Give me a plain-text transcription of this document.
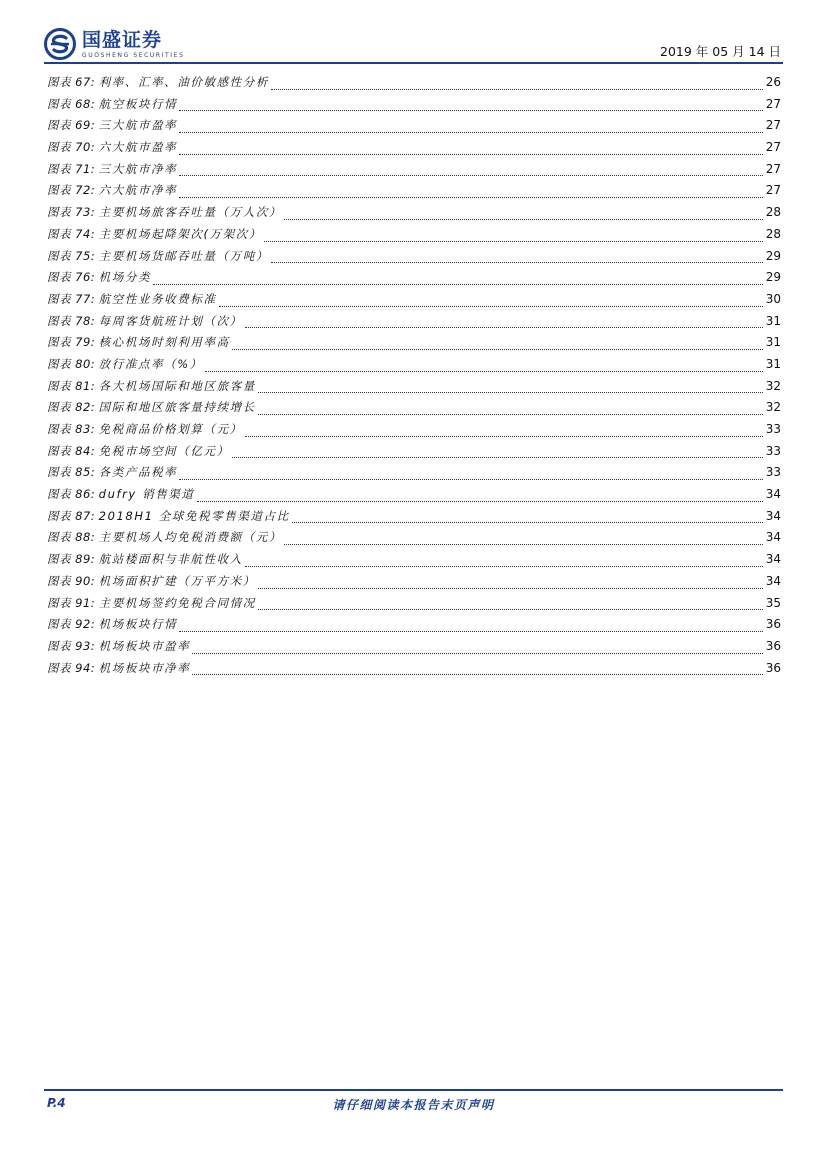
国盛证券
GUOSHENG SECURITIES	2019 年 05 月 14 日
图表 67 : 利率、汇率、油价敏感性分析	26
图表 68 : 航空板块行情	27
图表 69 : 三大航市盈率	27
图表 70 : 六大航市盈率	27
图表 71 : 三大航市净率	27
图表 72 : 六大航市净率	27
图表 73 : 主要机场旅客吞吐量（万人次）	28
图表 74 : 主要机场起降架次(万架次）	28
图表 75 : 主要机场货邮吞吐量（万吨）	29
图表 76 : 机场分类	29
图表 77 : 航空性业务收费标准	30
图表 78 : 每周客货航班计划（次）	31
图表 79 : 核心机场时刻利用率高	31
图表 80 : 放行准点率（%）	31
图表 81 : 各大机场国际和地区旅客量	32
图表 82 : 国际和地区旅客量持续增长	32
图表 83 : 免税商品价格划算（元）	33
图表 84 : 免税市场空间（亿元）	33
图表 85 : 各类产品税率	33
图表 86 : dufry 销售渠道	34
图表 87 : 2018H1 全球免税零售渠道占比	34
图表 88 : 主要机场人均免税消费额（元）	34
图表 89 : 航站楼面积与非航性收入	34
图表 90 : 机场面积扩建（万平方米）	34
图表 91 : 主要机场签约免税合同情况	35
图表 92 : 机场板块行情	36
图表 93 : 机场板块市盈率	36
图表 94 : 机场板块市净率	36
P.4	请仔细阅读本报告末页声明
